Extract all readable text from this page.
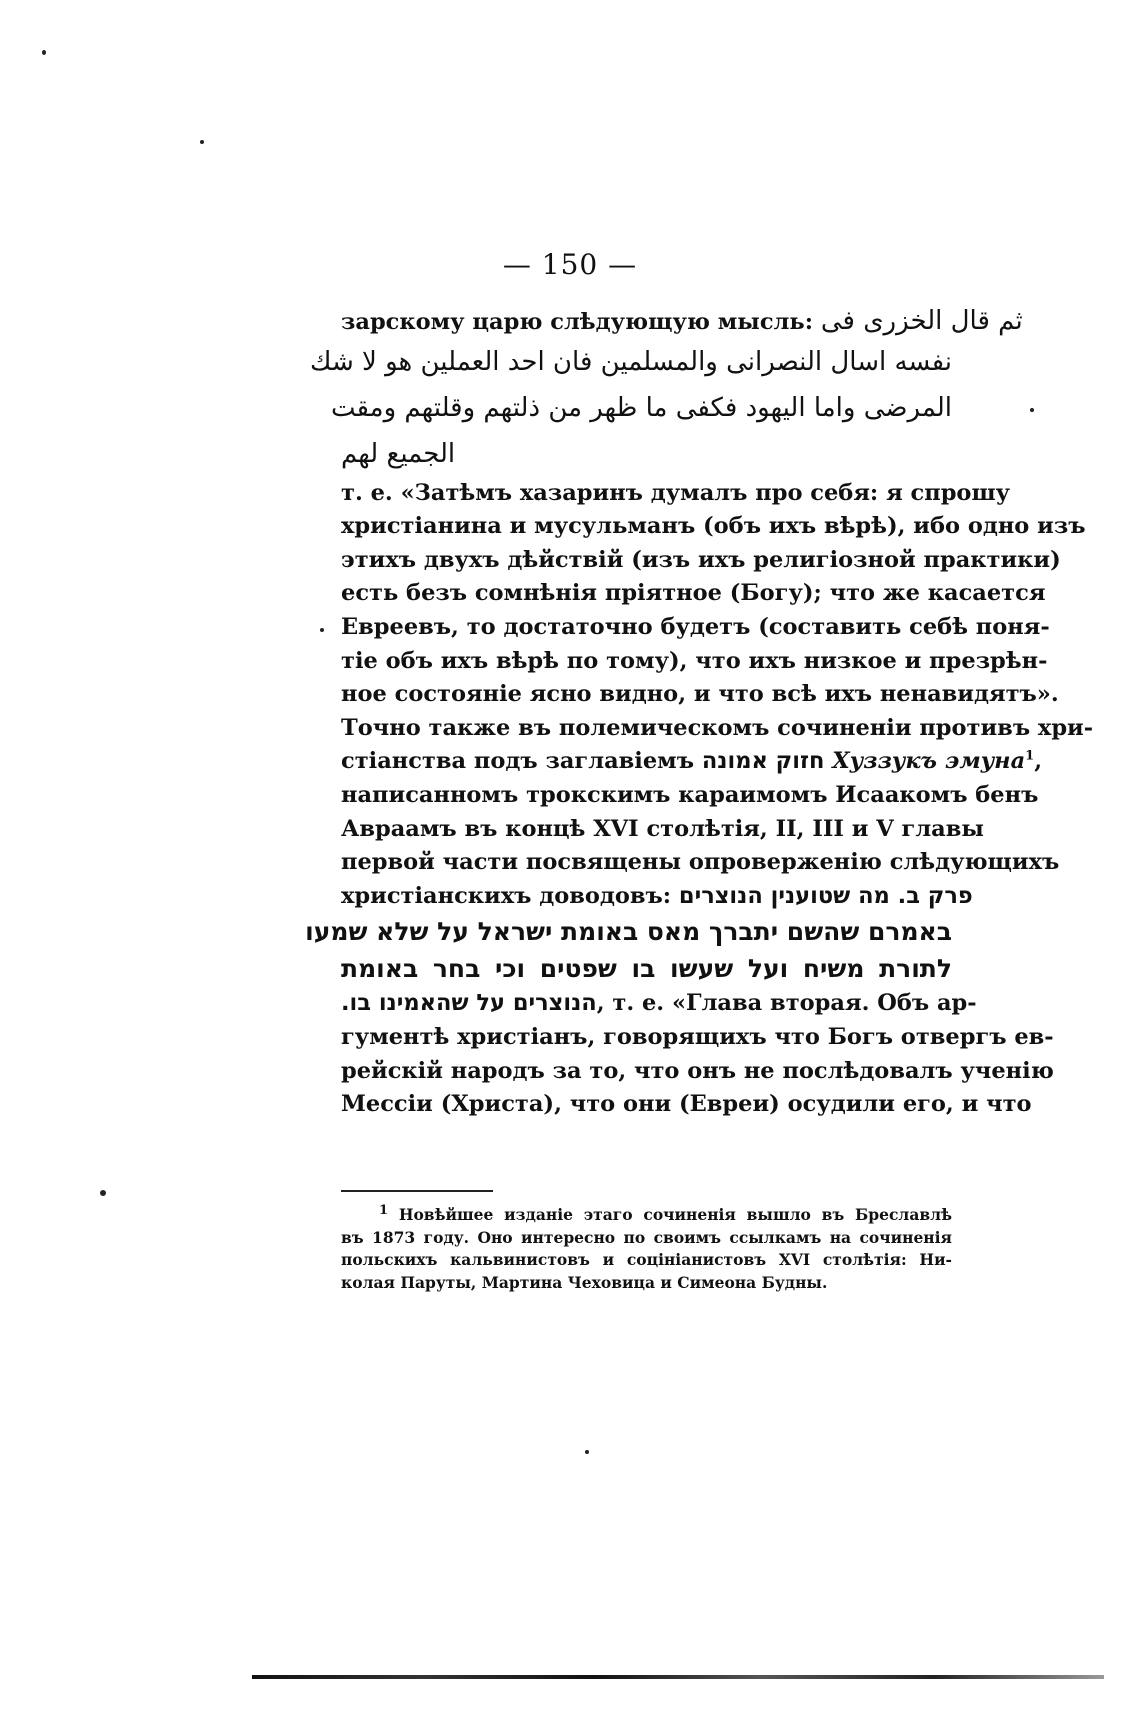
— 150 —
зарскому царю слѣдующую мысль: ثم قال الخزرى فى
نفسه اسال النصرانى والمسلمين فان احد العملين هو لا شك
المرضى واما اليهود فكفى ما ظهر من ذلتهم وقلتهم ومقت
الجميع لهم
т. е. «Затѣмъ хазаринъ думалъ про себя: я спрошу
христіанина и мусульманъ (объ ихъ вѣрѣ), ибо одно изъ
этихъ двухъ дѣйствій (изъ ихъ религіозной практики)
есть безъ сомнѣнія пріятное (Богу); что же касается
Евреевъ, то достаточно будетъ (составить себѣ поня-
тіе объ ихъ вѣрѣ по тому), что ихъ низкое и презрѣн-
ное состояніе ясно видно, и что всѣ ихъ ненавидятъ».
Точно также въ полемическомъ сочиненіи противъ хри-
стіанства подъ заглавіемъ חזוק אמונה Хуззукъ эмуна$^1$,
написанномъ трокскимъ караимомъ Исаакомъ бенъ
Авраамъ въ концѣ XVI столѣтія, II, III и V главы
первой части посвящены опроверженію слѣдующихъ
христіанскихъ доводовъ: פרק ב. מה שטוענין הנוצרים
באמרם שהשם יתברך מאס באומת ישראל על שלא שמעו
לתורת משיח ועל שעשו בו שפטים וכי בחר באומת
הנוצרים על שהאמינו בו., т. е. «Глава вторая. Объ ар-
гументѣ христіанъ, говорящихъ что Богъ отвергъ ев-
рейскій народъ за то, что онъ не послѣдовалъ ученію
Мессіи (Христа), что они (Евреи) осудили его, и что
$^1$ Новѣйшее изданіе этаго сочиненія вышло въ Бреславлѣ
въ 1873 году. Оно интересно по своимъ ссылкамъ на сочиненія
польскихъ кальвинистовъ и соцініанистовъ XVI столѣтія: Ни-
колая Паруты, Мартина Чеховица и Симеона Будны.
